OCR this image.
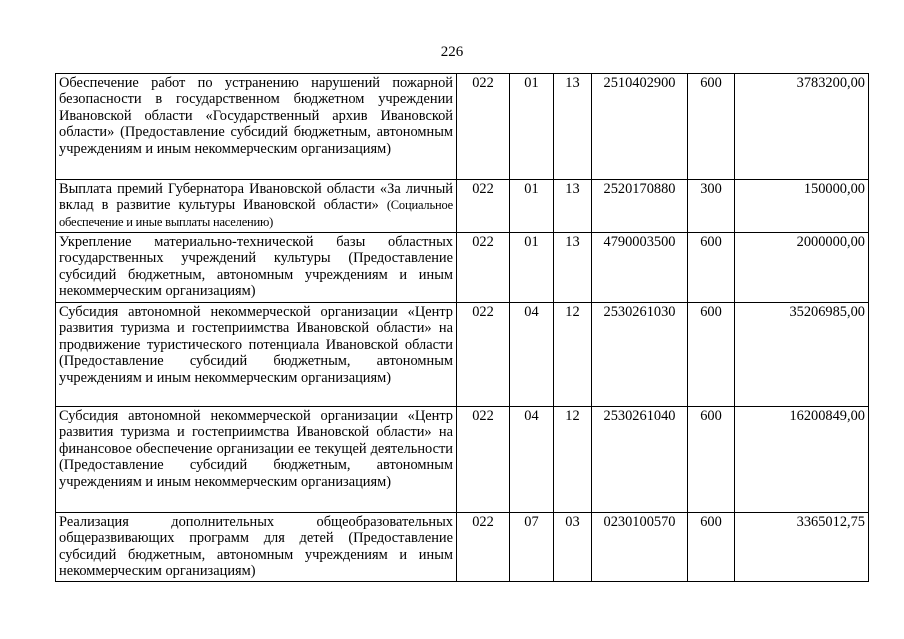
226
Обеспечение работ по устранению нарушений пожарной безопасности в государственном бюджетном учреждении Ивановской области «Государственный архив Ивановской области» (Предоставление субсидий бюджетным, автономным учреждениям и иным некоммерческим организациям)	022	01	13	2510402900	600	3783200,00
Выплата премий Губернатора Ивановской области «За личный вклад в развитие культуры Ивановской области» (Социальное обеспечение и иные выплаты населению)	022	01	13	2520170880	300	150000,00
Укрепление материально-технической базы областных государственных учреждений культуры (Предоставление субсидий бюджетным, автономным учреждениям и иным некоммерческим организациям)	022	01	13	4790003500	600	2000000,00
Субсидия автономной некоммерческой организации «Центр развития туризма и гостеприимства Ивановской области» на продвижение туристического потенциала Ивановской области (Предоставление субсидий бюджетным, автономным учреждениям и иным некоммерческим организациям)	022	04	12	2530261030	600	35206985,00
Субсидия автономной некоммерческой организации «Центр развития туризма и гостеприимства Ивановской области» на финансовое обеспечение организации ее текущей деятельности (Предоставление субсидий бюджетным, автономным учреждениям и иным некоммерческим организациям)	022	04	12	2530261040	600	16200849,00
Реализация дополнительных общеобразовательных общеразвивающих программ для детей (Предоставление субсидий бюджетным, автономным учреждениям и иным некоммерческим организациям)	022	07	03	0230100570	600	3365012,75
